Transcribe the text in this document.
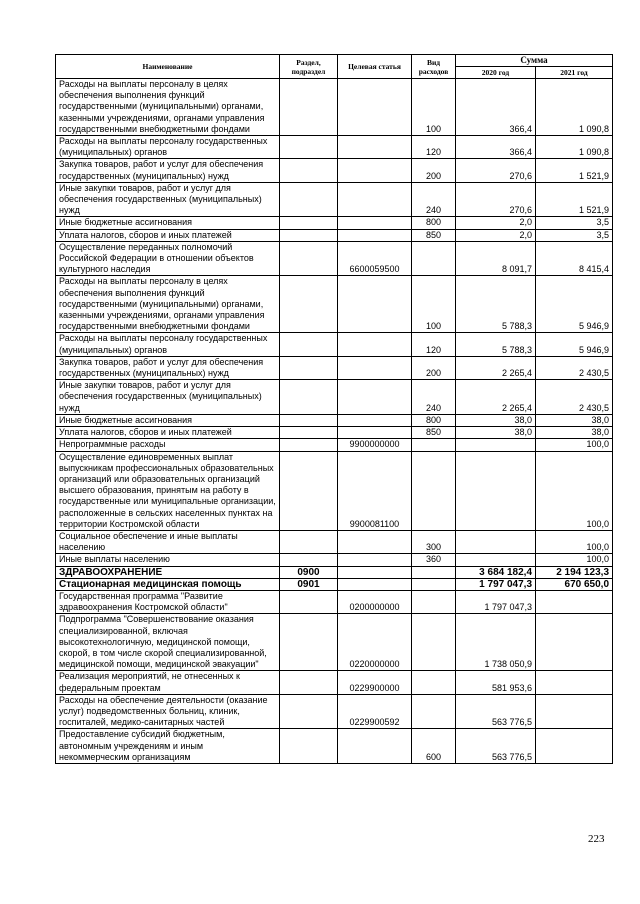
Наименование	Раздел, подраздел	Целевая статья	Вид расходов	Сумма	
				2020 год	2021 год
Расходы на выплаты персоналу в целях обеспечения выполнения функций государственными (муниципальными) органами, казенными учреждениями, органами управления государственными внебюджетными фондами			100	366,4	1 090,8
Расходы на выплаты персоналу государственных (муниципальных) органов			120	366,4	1 090,8
Закупка товаров, работ и услуг для обеспечения государственных (муниципальных) нужд			200	270,6	1 521,9
Иные закупки товаров, работ и услуг для обеспечения государственных (муниципальных) нужд			240	270,6	1 521,9
Иные бюджетные ассигнования			800	2,0	3,5
Уплата налогов, сборов и иных платежей			850	2,0	3,5
Осуществление переданных полномочий Российской Федерации в отношении объектов культурного наследия		6600059500		8 091,7	8 415,4
Расходы на выплаты персоналу в целях обеспечения выполнения функций государственными (муниципальными) органами, казенными учреждениями, органами управления государственными внебюджетными фондами			100	5 788,3	5 946,9
Расходы на выплаты персоналу государственных (муниципальных) органов			120	5 788,3	5 946,9
Закупка товаров, работ и услуг для обеспечения государственных (муниципальных) нужд			200	2 265,4	2 430,5
Иные закупки товаров, работ и услуг для обеспечения государственных (муниципальных) нужд			240	2 265,4	2 430,5
Иные бюджетные ассигнования			800	38,0	38,0
Уплата налогов, сборов и иных платежей			850	38,0	38,0
Непрограммные расходы		9900000000			100,0
Осуществление единовременных выплат выпускникам профессиональных образовательных организаций или образовательных организаций высшего образования, принятым на работу в государственные или муниципальные организации, расположенные в сельских населенных пунктах на территории Костромской области		9900081100			100,0
Социальное обеспечение и иные выплаты населению			300		100,0
Иные выплаты населению			360		100,0
ЗДРАВООХРАНЕНИЕ	0900			3 684 182,4	2 194 123,3
Стационарная медицинская помощь	0901			1 797 047,3	670 650,0
Государственная программа "Развитие здравоохранения Костромской области"		0200000000		1 797 047,3	
Подпрограмма "Совершенствование оказания специализированной, включая высокотехнологичную, медицинской помощи, скорой, в том числе скорой специализированной, медицинской помощи, медицинской эвакуации"		0220000000		1 738 050,9	
Реализация мероприятий, не отнесенных к федеральным проектам		0229900000		581 953,6	
Расходы на обеспечение деятельности (оказание услуг) подведомственных больниц, клиник, госпиталей, медико-санитарных частей		0229900592		563 776,5	
Предоставление субсидий бюджетным, автономным учреждениям и иным некоммерческим организациям			600	563 776,5	
223
